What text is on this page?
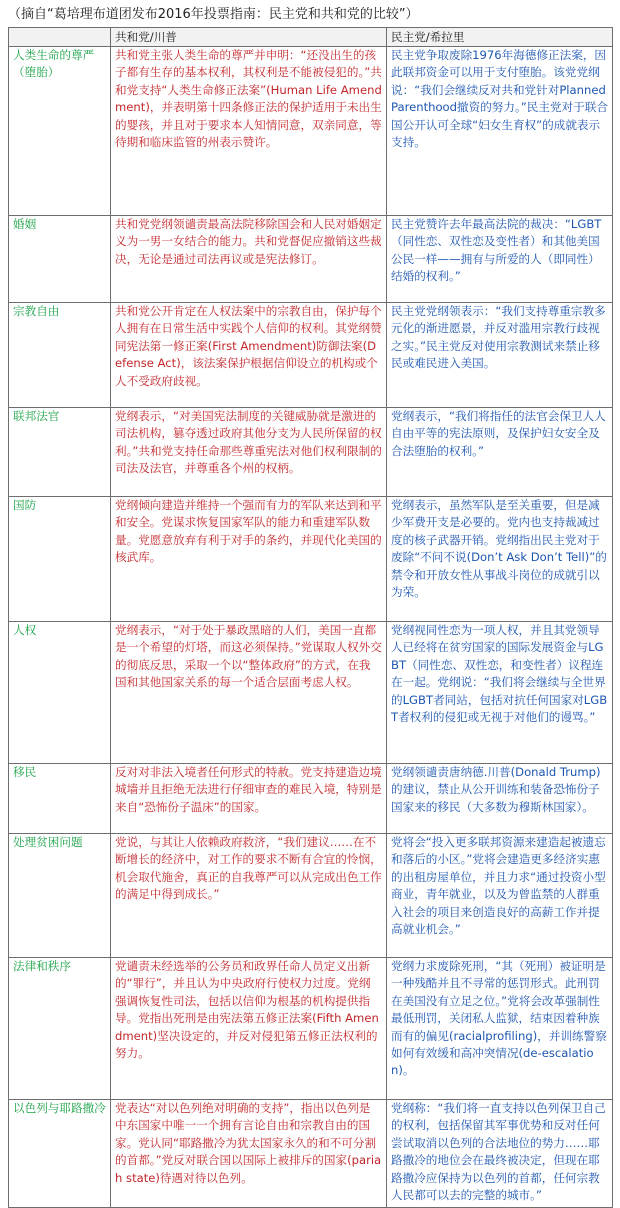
（摘自“葛培理布道团发布2016年投票指南：民主党和共和党的比较”）
	共和党/川普	民主党/希拉里
人类生命的尊严（堕胎）	共和党主张人类生命的尊严并申明：“还没出生的孩子都有生存的基本权利，其权利是不能被侵犯的。”共和党支持“人类生命修正法案”(Human Life Amendment)，并表明第十四条修正法的保护适用于未出生的婴孩，并且对于要求本人知情同意，双亲同意，等待期和临床监管的州表示赞许。	民主党争取废除1976年海德修正法案，因此联邦资金可以用于支付堕胎。该党党纲说：“我们会继续反对共和党针对Planned Parenthood撤资的努力。”民主党对于联合国公开认可全球“妇女生育权”的成就表示支持。
婚姻	共和党党纲领谴责最高法院移除国会和人民对婚姻定义为一男一女结合的能力。共和党督促应撤销这些裁决，无论是通过司法再议或是宪法修订。	民主党赞许去年最高法院的裁决：“LGBT（同性恋、双性恋及变性者）和其他美国公民一样——拥有与所爱的人（即同性）结婚的权利。”
宗教自由	共和党公开肯定在人权法案中的宗教自由，保护每个人拥有在日常生活中实践个人信仰的权利。其党纲赞同宪法第一修正案(First Amendment)防御法案(Defense Act)，该法案保护根据信仰设立的机构或个人不受政府歧视。	民主党党纲领表示：“我们支持尊重宗教多元化的渐进愿景，并反对滥用宗教行歧视之实。”民主党反对使用宗教测试来禁止移民或难民进入美国。
联邦法官	党纲表示，“对美国宪法制度的关键威胁就是激进的司法机构，篡夺透过政府其他分支为人民所保留的权利。”共和党支持任命那些尊重宪法对他们权利限制的司法及法官，并尊重各个州的权柄。	党纲表示，“我们将指任的法官会保卫人人自由平等的宪法原则，及保护妇女安全及合法堕胎的权利。”
国防	党纲倾向建造并维持一个强而有力的军队来达到和平和安全。党谋求恢复国家军队的能力和重建军队数量。党愿意放弃有利于对手的条约，并现代化美国的核武库。	党纲表示，虽然军队是至关重要，但是减少军费开支是必要的。党内也支持裁减过度的核子武器开销。党纲指出民主党对于废除“不问不说(Don’t Ask Don’t Tell)”的禁令和开放女性从事战斗岗位的成就引以为荣。
人权	党纲表示，“对于处于暴政黑暗的人们，美国一直都是一个希望的灯塔，而这必须保持。”党谋取人权外交的彻底反思，采取一个以“整体政府”的方式，在我国和其他国家关系的每一个适合层面考虑人权。	党纲视同性恋为一项人权，并且其党领导人已经将在贫穷国家的国际发展资金与LGBT（同性恋、双性恋，和变性者）议程连在一起。党纲说：“我们将会继续与全世界的LGBT者同站，包括对抗任何国家对LGBT者权利的侵犯或无视于对他们的谩骂。”
移民	反对对非法入境者任何形式的特赦。党支持建造边境城墙并且拒绝无法进行仔细审查的难民入境，特别是来自“恐怖份子温床”的国家。	党纲领谴责唐纳德.川普(Donald Trump)的建议，禁止从公开训练和装备恐怖份子国家来的移民（大多数为穆斯林国家）。
处理贫困问题	党说，与其让人依赖政府救济，“我们建议……在不断增长的经济中，对工作的要求不断有合宜的怜悯，机会取代施舍，真正的自我尊严可以从完成出色工作的满足中得到成长。”	党将会“投入更多联邦资源来建造起被遗忘和落后的小区。”党将会建造更多经济实惠的出租房屋单位，并且力求“通过投资小型商业，青年就业，以及为曾监禁的人群重入社会的项目来创造良好的高薪工作并提高就业机会。”
法律和秩序	党谴责未经选举的公务员和政界任命人员定义出新的“罪行”，并且认为中央政府行使权力过度。党纲强调恢复性司法，包括以信仰为根基的机构提供指导。党指出死刑是由宪法第五修正法案(Fifth Amendment)坚决设定的，并反对侵犯第五修正法权利的努力。	党纲力求废除死刑，“其（死刑）被证明是一种残酷并且不寻常的惩罚形式。此刑罚在美国没有立足之位。”党将会改革强制性最低刑罚，关闭私人监狱，结束因着种族而有的偏见(racialprofiling)，并训练警察如何有效缓和高冲突情况(de-escalation)。
以色列与耶路撒冷	党表达“对以色列绝对明确的支持”，指出以色列是中东国家中唯一一个拥有言论自由和宗教自由的国家。党认同“耶路撒冷为犹太国家永久的和不可分割的首都。”党反对联合国以国际上被排斥的国家(pariah state)待遇对待以色列。	党纲称：“我们将一直支持以色列保卫自己的权利，包括保留其军事优势和反对任何尝试取消以色列的合法地位的势力……耶路撒冷的地位会在最终被决定，但现在耶路撒冷应保持为以色列的首都，任何宗教人民都可以去的完整的城市。”
